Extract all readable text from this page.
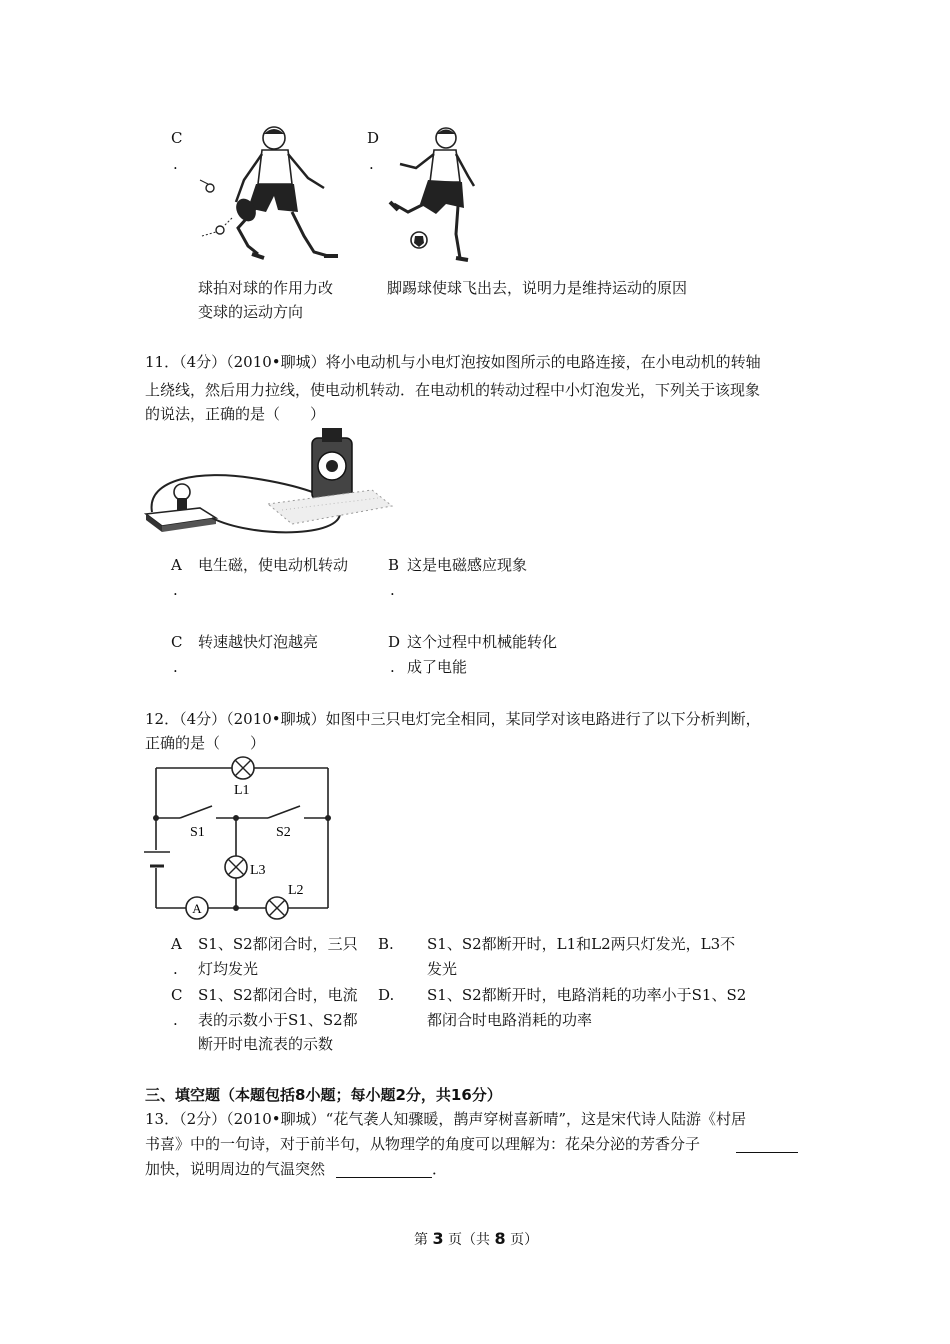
C
.
球拍对球的作用力改
变球的运动方向
D
.
脚踢球使球飞出去，说明力是维持运动的原因
11．（4分）（2010•聊城）将小电动机与小电灯泡按如图所示的电路连接，在小电动机的转轴
上绕线，然后用力拉线，使电动机转动．在电动机的转动过程中小灯泡发光，下列关于该现象
的说法，正确的是（　　）
A
.
电生磁，使电动机转动	B
.
这是电磁感应现象
C
.
转速越快灯泡越亮	D
.
这个过程中机械能转化
成了电能
12．（4分）（2010•聊城）如图中三只电灯完全相同，某同学对该电路进行了以下分析判断，
正确的是（　　）
A
L1
L3
L2
S1	S2
A
.
S1、S2都闭合时，三只
灯均发光
B. S1、S2都断开时，L1和L2两只灯发光，L3不
发光
C
.
S1、S2都闭合时，电流
表的示数小于S1、S2都
断开时电流表的示数
D. S1、S2都断开时，电路消耗的功率小于S1、S2
都闭合时电路消耗的功率
三、填空题（本题包括8小题；每小题2分，共16分）
13．（2分）（2010•聊城）“花气袭人知骤暖，鹊声穿树喜新晴”，这是宋代诗人陆游《村居
书喜》中的一句诗，对于前半句，从物理学的角度可以理解为：花朵分泌的芳香分子
加快，说明周边的气温突然	．
第 3 页（共 8 页）
